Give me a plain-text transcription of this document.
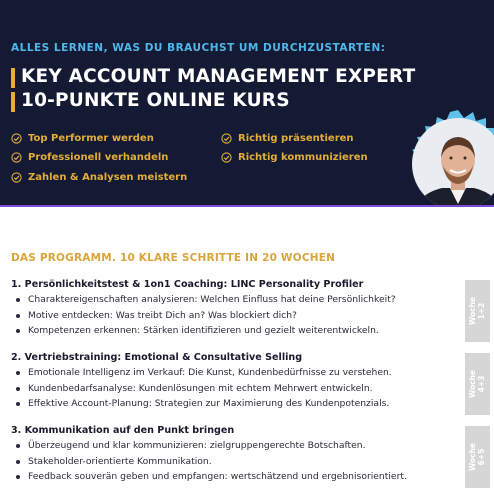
ALLES LERNEN, WAS DU BRAUCHST UM DURCHZUSTARTEN:
KEY ACCOUNT MANAGEMENT EXPERT
10-PUNKTE ONLINE KURS
Top Performer werden
Professionell verhandeln
Zahlen & Analysen meistern
Richtig präsentieren
Richtig kommunizieren
DAS PROGRAMM. 10 KLARE SCHRITTE IN 20 WOCHEN
1. Persönlichkeitstest & 1on1 Coaching: LINC Personality Profiler
Charaktereigenschaften analysieren: Welchen Einfluss hat deine Persönlichkeit?
Motive entdecken: Was treibt Dich an? Was blockiert dich?
Kompetenzen erkennen: Stärken identifizieren und gezielt weiterentwickeln.
Woche 1+2
2. Vertriebstraining: Emotional & Consultative Selling
Emotionale Intelligenz im Verkauf: Die Kunst, Kundenbedürfnisse zu verstehen.
Kundenbedarfsanalyse: Kundenlösungen mit echtem Mehrwert entwickeln.
Effektive Account-Planung: Strategien zur Maximierung des Kundenpotenzials.
Woche 4+3
3. Kommunikation auf den Punkt bringen
Überzeugend und klar kommunizieren: zielgruppengerechte Botschaften.
Stakeholder-orientierte Kommunikation.
Feedback souverän geben und empfangen: wertschätzend und ergebnisorientiert.
Woche 6+5
